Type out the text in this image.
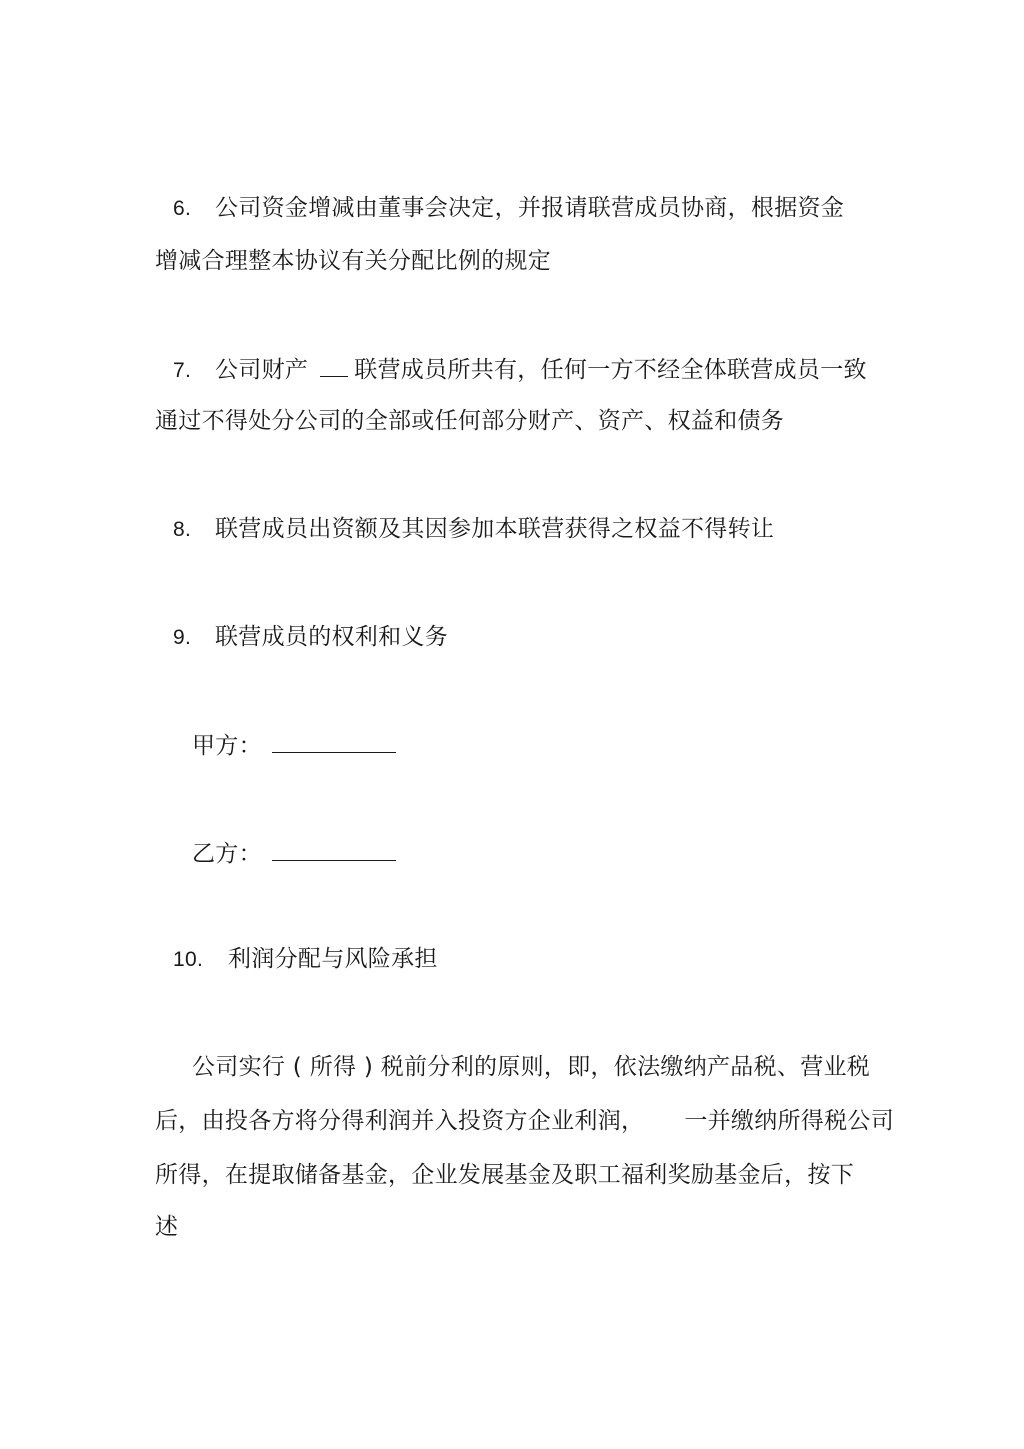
6. 公司资金增减由董事会决定，并报请联营成员协商，根据资金
增减合理整本协议有关分配比例的规定
7. 公司财产 联营成员所共有，任何一方不经全体联营成员一致
通过不得处分公司的全部或任何部分财产、资产、权益和债务
8. 联营成员出资额及其因参加本联营获得之权益不得转让
9. 联营成员的权利和义务
甲方：
乙方：
10. 利润分配与风险承担
公司实行 ( 所得 ) 税前分利的原则，即，依法缴纳产品税、营业税
后，由投各方将分得利润并入投资方企业利润， 一并缴纳所得税公司
所得，在提取储备基金，企业发展基金及职工福利奖励基金后，按下
述
